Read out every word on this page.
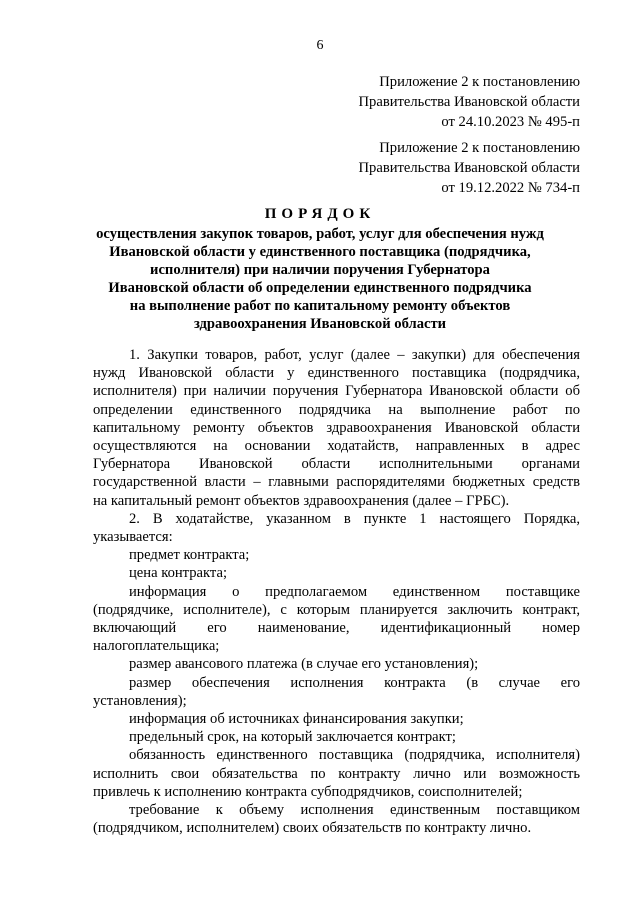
6
Приложение 2 к постановлению
Правительства Ивановской области
от 24.10.2023 № 495-п
Приложение 2 к постановлению
Правительства Ивановской области
от 19.12.2022 № 734-п
ПОРЯДОК
осуществления закупок товаров, работ, услуг для обеспечения нужд
Ивановской области у единственного поставщика (подрядчика,
исполнителя) при наличии поручения Губернатора
Ивановской области об определении единственного подрядчика
на выполнение работ по капитальному ремонту объектов
здравоохранения Ивановской области
1. Закупки товаров, работ, услуг (далее – закупки) для обеспечения
нужд Ивановской области у единственного поставщика (подрядчика,
исполнителя) при наличии поручения Губернатора Ивановской области об
определении единственного подрядчика на выполнение работ по
капитальному ремонту объектов здравоохранения Ивановской области
осуществляются на основании ходатайств, направленных в адрес
Губернатора Ивановской области исполнительными органами
государственной власти – главными распорядителями бюджетных средств
на капитальный ремонт объектов здравоохранения (далее – ГРБС).
2. В ходатайстве, указанном в пункте 1 настоящего Порядка,
указывается:
предмет контракта;
цена контракта;
информация о предполагаемом единственном поставщике
(подрядчике, исполнителе), с которым планируется заключить контракт,
включающий его наименование, идентификационный номер
налогоплательщика;
размер авансового платежа (в случае его установления);
размер обеспечения исполнения контракта (в случае его
установления);
информация об источниках финансирования закупки;
предельный срок, на который заключается контракт;
обязанность единственного поставщика (подрядчика, исполнителя)
исполнить свои обязательства по контракту лично или возможность
привлечь к исполнению контракта субподрядчиков, соисполнителей;
требование к объему исполнения единственным поставщиком
(подрядчиком, исполнителем) своих обязательств по контракту лично.
